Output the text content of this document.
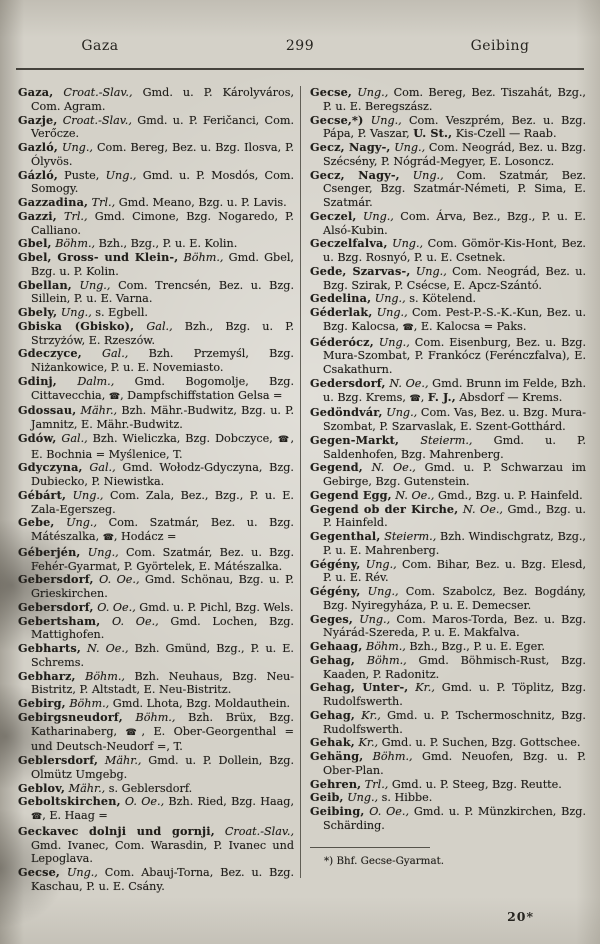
Gaza	299	Geibing

Gaza, Croat.-Slav., Gmd. u. P. Károlyváros, Com. Agram.

Gazje, Croat.-Slav., Gmd. u. P. Feričanci, Com. Verőcze.

Gazló, Ung., Com. Bereg, Bez. u. Bzg. Ilosva, P. Ólyvös.

Gázló, Puste, Ung., Gmd. u. P. Mosdós, Com. Somogy.

Gazzadina, Trl., Gmd. Meano, Bzg. u. P. Lavis.

Gazzi, Trl., Gmd. Cimone, Bzg. Nogaredo, P. Calliano.

Gbel, Böhm., Bzh., Bzg., P. u. E. Kolin.

Gbel, Gross- und Klein-, Böhm., Gmd. Gbel, Bzg. u. P. Kolin.

Gbellan, Ung., Com. Trencsén, Bez. u. Bzg. Sillein, P. u. E. Varna.

Gbely, Ung., s. Egbell.

Gbiska (Gbisko), Gal., Bzh., Bzg. u. P. Strzyżów, E. Rzeszów.

Gdeczyce, Gal., Bzh. Przemyśl, Bzg. Niżankowice, P. u. E. Novemiasto.

Gdinj, Dalm., Gmd. Bogomolje, Bzg. Cittavecchia, ☎, Dampfschiffstation Gelsa =

Gdossau, Mähr., Bzh. Mähr.-Budwitz, Bzg. u. P. Jamnitz, E. Mähr.-Budwitz.

Gdów, Gal., Bzh. Wieliczka, Bzg. Dobczyce, ☎, E. Bochnia = Myślenice, T.

Gdyczyna, Gal., Gmd. Wołodz-Gdyczyna, Bzg. Dubiecko, P. Niewistka.

Gébárt, Ung., Com. Zala, Bez., Bzg., P. u. E. Zala-Egerszeg.

Gebe, Ung., Com. Szatmár, Bez. u. Bzg. Mátészalka, ☎, Hodácz =

Géberjén, Ung., Com. Szatmár, Bez. u. Bzg. Fehér-Gyarmat, P. Györtelek, E. Mátészalka.

Gebersdorf, O. Oe., Gmd. Schönau, Bzg. u. P. Grieskirchen.

Gebersdorf, O. Oe., Gmd. u. P. Pichl, Bzg. Wels.

Gebertsham, O. Oe., Gmd. Lochen, Bzg. Mattighofen.

Gebharts, N. Oe., Bzh. Gmünd, Bzg., P. u. E. Schrems.

Gebharz, Böhm., Bzh. Neuhaus, Bzg. Neu-Bistritz, P. Altstadt, E. Neu-Bistritz.

Gebirg, Böhm., Gmd. Lhota, Bzg. Moldauthein.

Gebirgsneudorf, Böhm., Bzh. Brüx, Bzg. Katharinaberg, ☎, E. Ober-Georgenthal = und Deutsch-Neudorf =, T.

Geblersdorf, Mähr., Gmd. u. P. Dollein, Bzg. Olmütz Umgebg.

Geblov, Mähr., s. Geblersdorf.

Geboltskirchen, O. Oe., Bzh. Ried, Bzg. Haag, ☎, E. Haag =

Geckavec dolnji und gornji, Croat.-Slav., Gmd. Ivanec, Com. Warasdin, P. Ivanec und Lepoglava.

Gecse, Ung., Com. Abauj-Torna, Bez. u. Bzg. Kaschau, P. u. E. Csány.

Gecse, Ung., Com. Bereg, Bez. Tiszahát, Bzg., P. u. E. Beregszász.

Gecse,*) Ung., Com. Veszprém, Bez. u. Bzg. Pápa, P. Vaszar, U. St., Kis-Czell — Raab.

Gecz, Nagy-, Ung., Com. Neográd, Bez. u. Bzg. Szécsény, P. Nógrád-Megyer, E. Losoncz.

Gecz, Nagy-, Ung., Com. Szatmár, Bez. Csenger, Bzg. Szatmár-Németi, P. Sima, E. Szatmár.

Geczel, Ung., Com. Árva, Bez., Bzg., P. u. E. Alsó-Kubin.

Geczelfalva, Ung., Com. Gömör-Kis-Hont, Bez. u. Bzg. Rosnyó, P. u. E. Csetnek.

Gede, Szarvas-, Ung., Com. Neográd, Bez. u. Bzg. Szirak, P. Csécse, E. Apcz-Szántó.

Gedelina, Ung., s. Kötelend.

Géderlak, Ung., Com. Pest-P.-S.-K.-Kun, Bez. u. Bzg. Kalocsa, ☎, E. Kalocsa = Paks.

Géderócz, Ung., Com. Eisenburg, Bez. u. Bzg. Mura-Szombat, P. Frankócz (Ferénczfalva), E. Csakathurn.

Gedersdorf, N. Oe., Gmd. Brunn im Felde, Bzh. u. Bzg. Krems, ☎, F. J., Absdorf — Krems.

Gedöndvár, Ung., Com. Vas, Bez. u. Bzg. Mura-Szombat, P. Szarvaslak, E. Szent-Gotthárd.

Gegen-Markt, Steierm., Gmd. u. P. Saldenhofen, Bzg. Mahrenberg.

Gegend, N. Oe., Gmd. u. P. Schwarzau im Gebirge, Bzg. Gutenstein.

Gegend Egg, N. Oe., Gmd., Bzg. u. P. Hainfeld.

Gegend ob der Kirche, N. Oe., Gmd., Bzg. u. P. Hainfeld.

Gegenthal, Steierm., Bzh. Windischgratz, Bzg., P. u. E. Mahrenberg.

Gégény, Ung., Com. Bihar, Bez. u. Bzg. Elesd, P. u. E. Rév.

Gégény, Ung., Com. Szabolcz, Bez. Bogdány, Bzg. Nyiregyháza, P. u. E. Demecser.

Geges, Ung., Com. Maros-Torda, Bez. u. Bzg. Nyárád-Szereda, P. u. E. Makfalva.

Gehaag, Böhm., Bzh., Bzg., P. u. E. Eger.

Gehag, Böhm., Gmd. Böhmisch-Rust, Bzg. Kaaden, P. Radonitz.

Gehag, Unter-, Kr., Gmd. u. P. Töplitz, Bzg. Rudolfswerth.

Gehag, Kr., Gmd. u. P. Tschermoschnitz, Bzg. Rudolfswerth.

Gehak, Kr., Gmd. u. P. Suchen, Bzg. Gottschee.

Gehäng, Böhm., Gmd. Neuofen, Bzg. u. P. Ober-Plan.

Gehren, Trl., Gmd. u. P. Steeg, Bzg. Reutte.

Geib, Ung., s. Hibbe.

Geibing, O. Oe., Gmd. u. P. Münzkirchen, Bzg. Schärding.

*) Bhf. Gecse-Gyarmat.

20*
